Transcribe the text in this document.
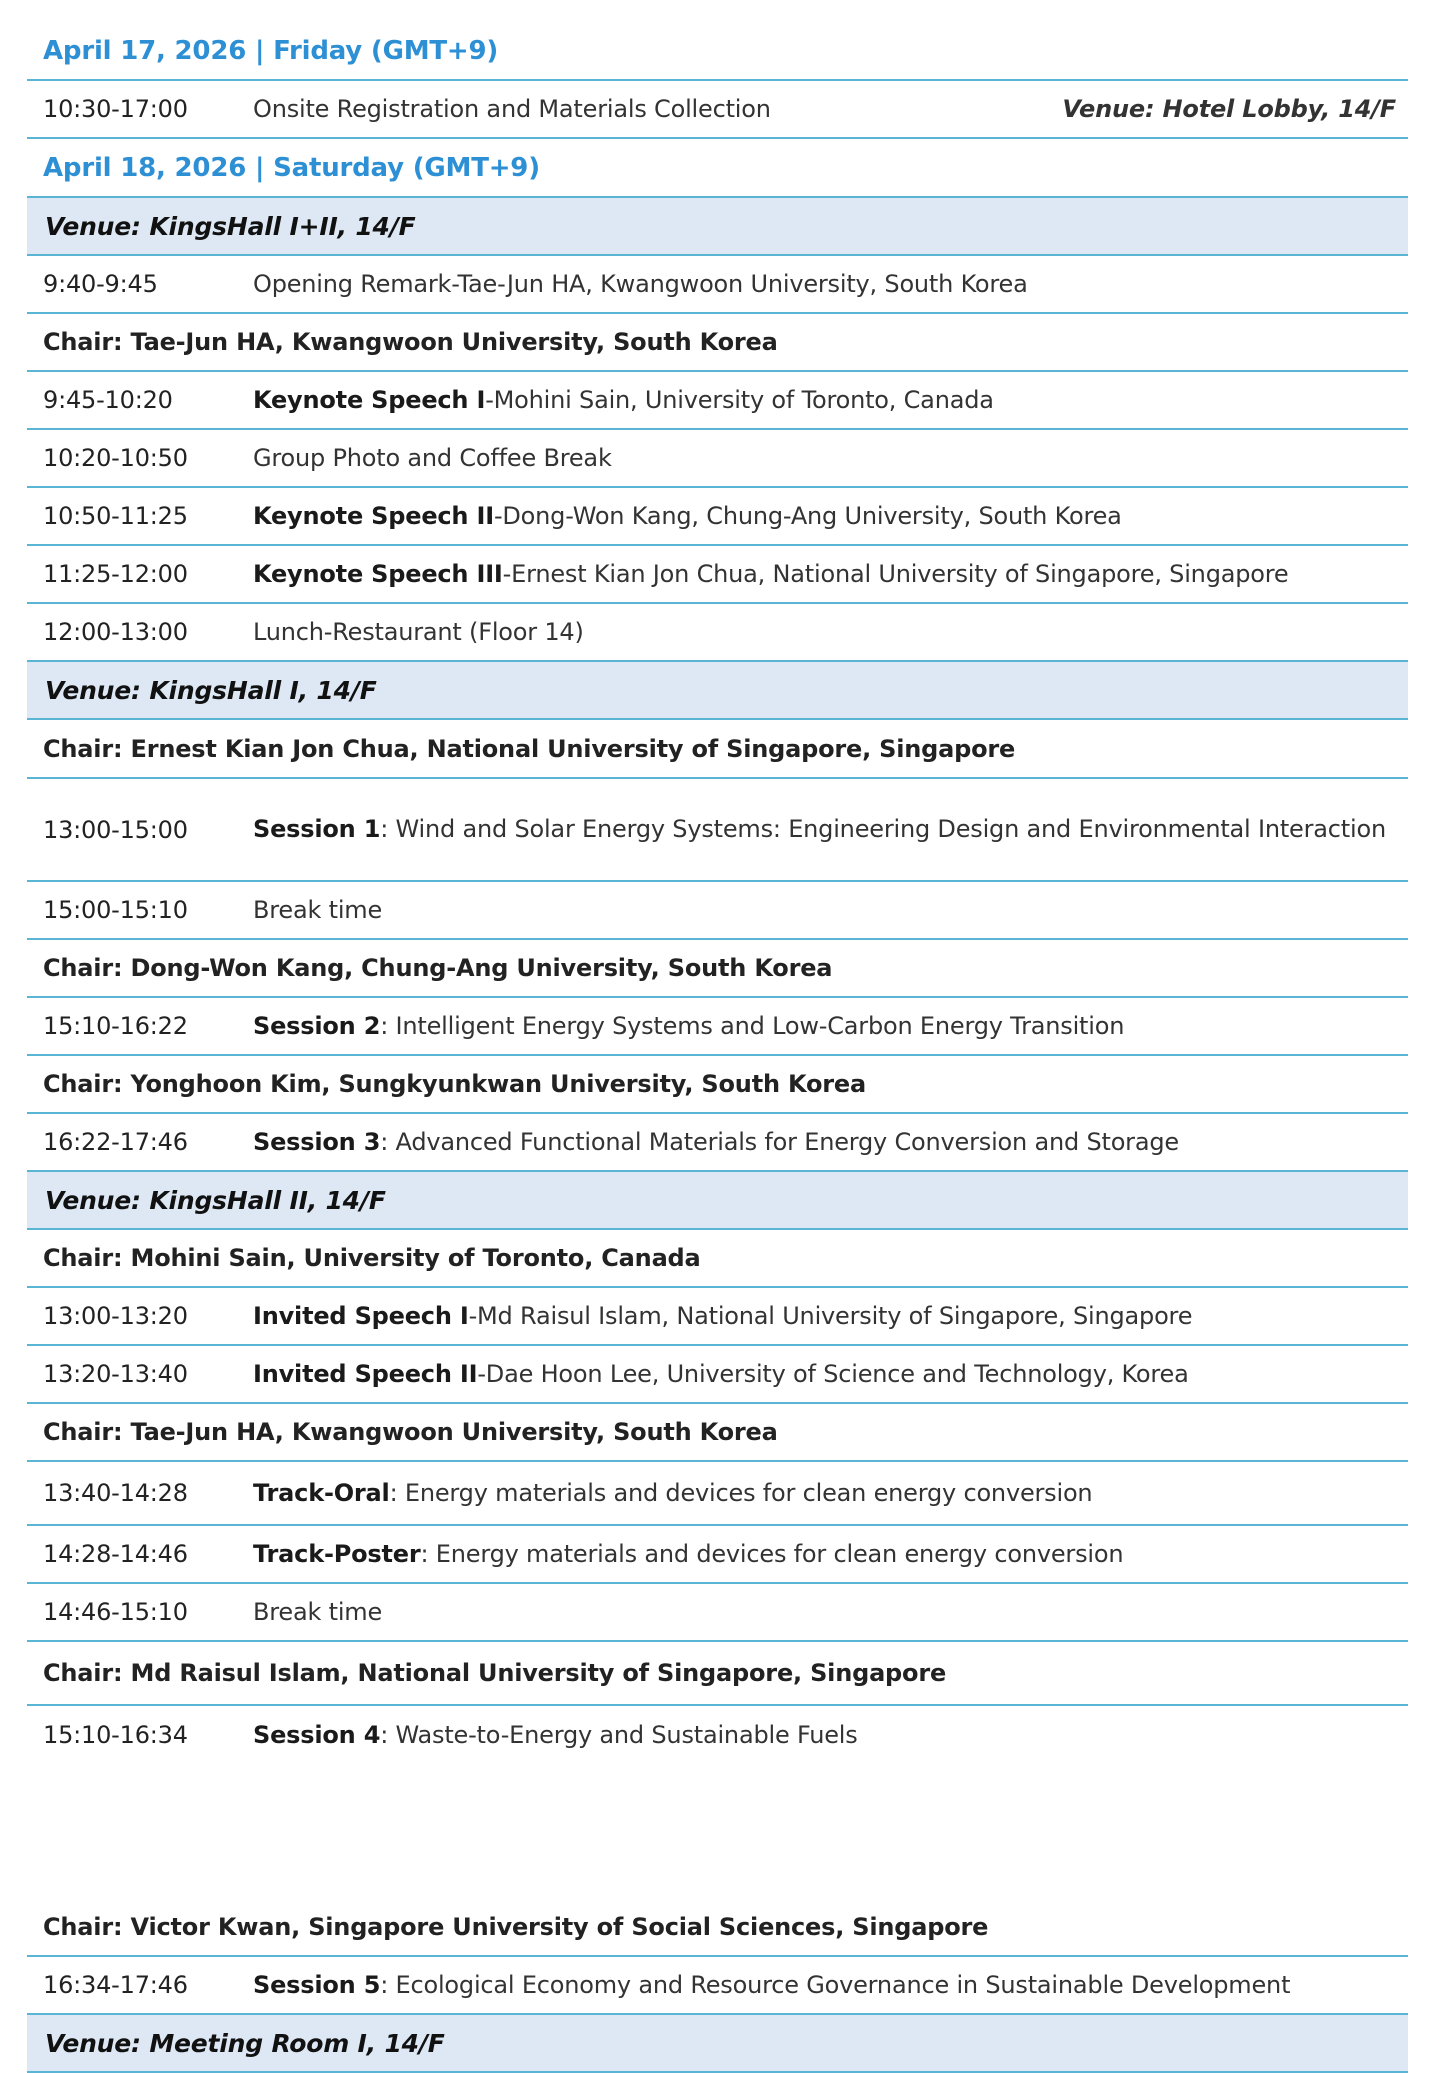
April 17, 2026 | Friday (GMT+9)
10:30-17:00	Onsite Registration and Materials Collection	Venue: Hotel Lobby, 14/F
April 18, 2026 | Saturday (GMT+9)
Venue: KingsHall I+II, 14/F
9:40-9:45	Opening Remark-Tae-Jun HA, Kwangwoon University, South Korea
Chair: Tae-Jun HA, Kwangwoon University, South Korea
9:45-10:20	Keynote Speech I-Mohini Sain, University of Toronto, Canada
10:20-10:50	Group Photo and Coffee Break
10:50-11:25	Keynote Speech II-Dong-Won Kang, Chung-Ang University, South Korea
11:25-12:00	Keynote Speech III-Ernest Kian Jon Chua, National University of Singapore, Singapore
12:00-13:00	Lunch-Restaurant (Floor 14)
Venue: KingsHall I, 14/F
Chair: Ernest Kian Jon Chua, National University of Singapore, Singapore
13:00-15:00	Session 1: Wind and Solar Energy Systems: Engineering Design and Environmental Interaction
15:00-15:10	Break time
Chair: Dong-Won Kang, Chung-Ang University, South Korea
15:10-16:22	Session 2: Intelligent Energy Systems and Low-Carbon Energy Transition
Chair: Yonghoon Kim, Sungkyunkwan University, South Korea
16:22-17:46	Session 3: Advanced Functional Materials for Energy Conversion and Storage
Venue: KingsHall II, 14/F
Chair: Mohini Sain, University of Toronto, Canada
13:00-13:20	Invited Speech I-Md Raisul Islam, National University of Singapore, Singapore
13:20-13:40	Invited Speech II-Dae Hoon Lee, University of Science and Technology, Korea
Chair: Tae-Jun HA, Kwangwoon University, South Korea
13:40-14:28	Track-Oral: Energy materials and devices for clean energy conversion
14:28-14:46	Track-Poster: Energy materials and devices for clean energy conversion
14:46-15:10	Break time
Chair: Md Raisul Islam, National University of Singapore, Singapore
15:10-16:34	Session 4: Waste-to-Energy and Sustainable Fuels
Chair: Victor Kwan, Singapore University of Social Sciences, Singapore
16:34-17:46	Session 5: Ecological Economy and Resource Governance in Sustainable Development
Venue: Meeting Room I, 14/F
